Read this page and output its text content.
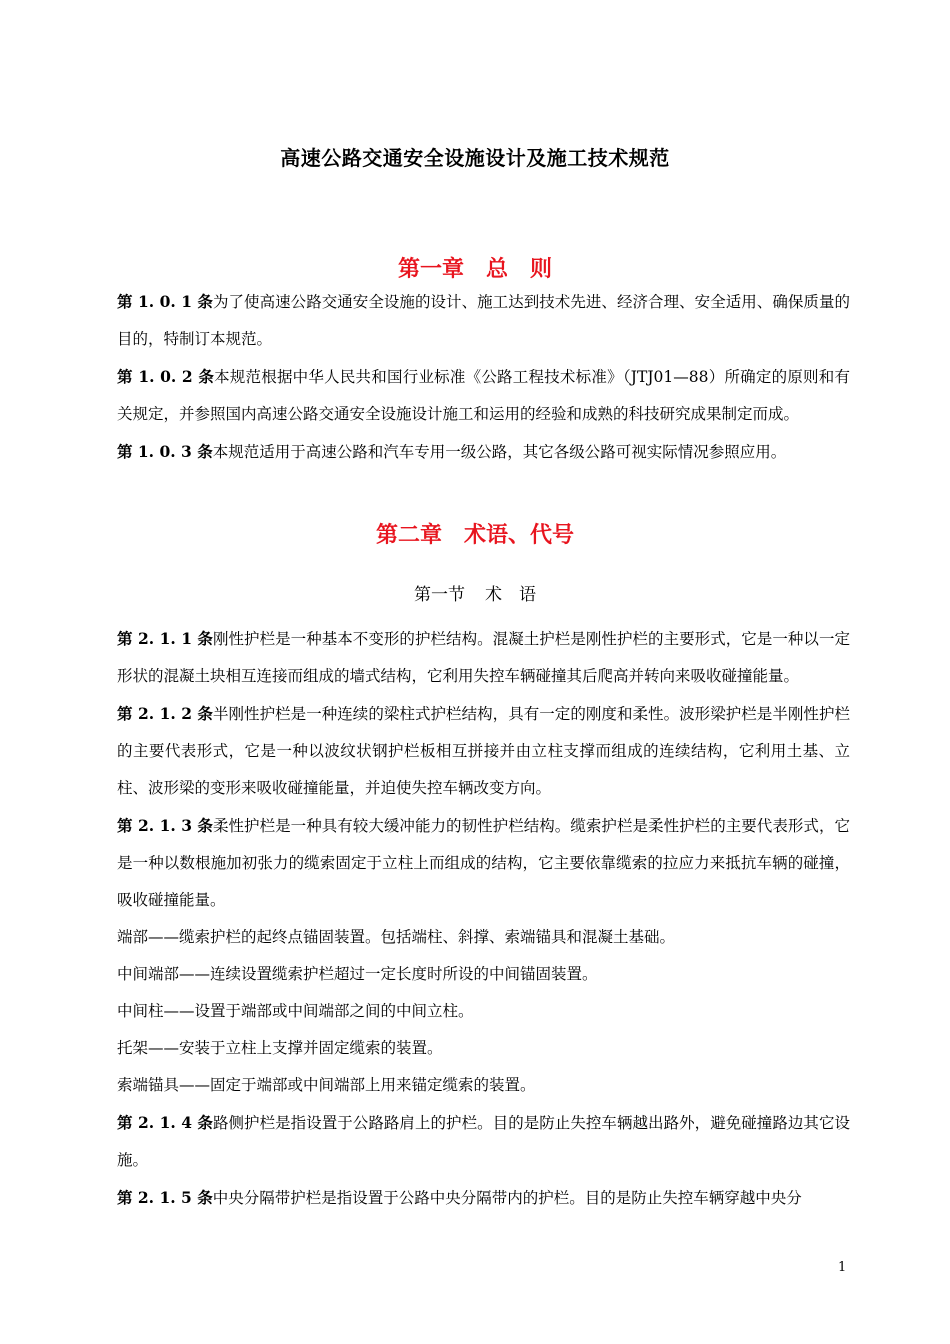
高速公路交通安全设施设计及施工技术规范
第一章 总　则

第 1. 0. 1 条为了使高速公路交通安全设施的设计、施工达到技术先进、经济合理、安全适用、确保质量的目的，特制订本规范。

第 1. 0. 2 条本规范根据中华人民共和国行业标准《公路工程技术标准》（JTJ01—88）所确定的原则和有关规定，并参照国内高速公路交通安全设施设计施工和运用的经验和成熟的科技研究成果制定而成。

第 1. 0. 3 条本规范适用于高速公路和汽车专用一级公路，其它各级公路可视实际情况参照应用。

第二章 术语、代号
第一节 术　语

第 2. 1. 1 条刚性护栏是一种基本不变形的护栏结构。混凝土护栏是刚性护栏的主要形式，它是一种以一定形状的混凝土块相互连接而组成的墙式结构，它利用失控车辆碰撞其后爬高并转向来吸收碰撞能量。

第 2. 1. 2 条半刚性护栏是一种连续的梁柱式护栏结构，具有一定的刚度和柔性。波形梁护栏是半刚性护栏的主要代表形式，它是一种以波纹状钢护栏板相互拼接并由立柱支撑而组成的连续结构，它利用土基、立柱、波形梁的变形来吸收碰撞能量，并迫使失控车辆改变方向。

第 2. 1. 3 条柔性护栏是一种具有较大缓冲能力的韧性护栏结构。缆索护栏是柔性护栏的主要代表形式，它是一种以数根施加初张力的缆索固定于立柱上而组成的结构，它主要依靠缆索的拉应力来抵抗车辆的碰撞，吸收碰撞能量。

端部——缆索护栏的起终点锚固装置。包括端柱、斜撑、索端锚具和混凝土基础。

中间端部——连续设置缆索护栏超过一定长度时所设的中间锚固装置。

中间柱——设置于端部或中间端部之间的中间立柱。

托架——安装于立柱上支撑并固定缆索的装置。

索端锚具——固定于端部或中间端部上用来锚定缆索的装置。

第 2. 1. 4 条路侧护栏是指设置于公路路肩上的护栏。目的是防止失控车辆越出路外，避免碰撞路边其它设施。

第 2. 1. 5 条中央分隔带护栏是指设置于公路中央分隔带内的护栏。目的是防止失控车辆穿越中央分

1
